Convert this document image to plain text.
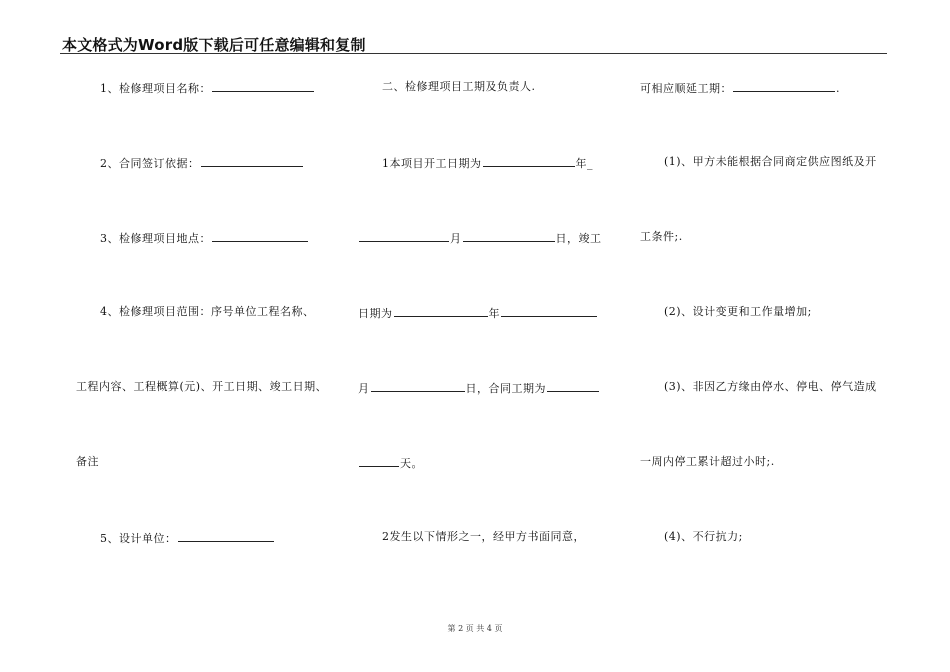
本文格式为Word版下载后可任意编辑和复制
1、检修理项目名称：
2、合同签订依据：
3、检修理项目地点：
4、检修理项目范围：序号单位工程名称、
工程内容、工程概算(元)、开工日期、竣工日期、
备注
5、设计单位：
二、检修理项目工期及负责人.
1本项目开工日期为	年_
月	日，竣工
日期为	年
月	日，合同工期为
天。
2发生以下情形之一，经甲方书面同意，
可相应顺延工期：	.
(1)、甲方未能根据合同商定供应图纸及开
工条件;.
(2)、设计变更和工作量增加;
(3)、非因乙方缘由停水、停电、停气造成
一周内停工累计超过小时;.
(4)、不行抗力;
第 2 页 共 4 页
